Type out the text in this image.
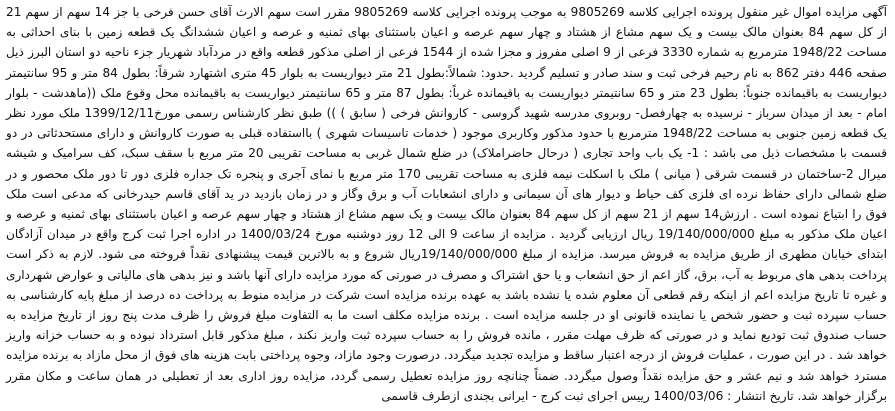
آگهی مزایده اموال غیر منقول پرونده اجرایی کلاسه 9805269 به موجب پرونده اجرایی کلاسه 9805269 مقرر است سهم الارث آقای حسن فرخی با جز 14 سهم از سهم 21 از کل سهم 84 بعنوان مالک بیست و یک سهم مشاع از هشتاد و چهار سهم عرصه و اعیان باستثنای بهای ثمنیه و عرصه و اعیان ششدانگ یک قطعه زمین با بنای احداثی به مساحت 1948/22 مترمربع به شماره 3330 فرعی از 9 اصلی مفروز و مجزا شده از 1544 فرعی از اصلی مذکور قطعه واقع در مردآباد شهریار جزء ناحیه دو استان البرز ذیل صفحه 446 دفتر 862 به نام رحیم فرخی ثبت و سند صادر و تسلیم گردید .حدود: شمالاً:بطول 21 متر دیواریست به بلوار 45 متری اشتهارد شرقاً: بطول 84 متر و 95 سانتیمتر دیواریست به باقیمانده جنوباً: بطول 23 متر و 65 سانتیمتر دیواریست به باقیمانده غرباً: بطول 87 متر و 65 سانتیمتر دیواریست به باقیمانده محل وقوع ملک ((ماهدشت - بلوار امام - بعد از میدان سرباز - نرسیده به چهارفصل- روبروی مدرسه شهید گروسی - کاروانش فرخی ( سابق ) )) طبق نظر کارشناس رسمی مورخ1399/12/11 ملک مورد نظر یک قطعه زمین جنوبی به مساحت 1948/22 مترمربع با حدود مذکور وکاربری موجود ( خدمات تاسیسات شهری ) بااستفاده قبلی به صورت کاروانش و دارای مستحدثاتی در دو قسمت با مشخصات ذیل می باشد : 1- یک باب واحد تجاری ( درحال حاضراملاک) در ضلع شمال غربی به مساحت تقریبی 20 متر مربع با سقف سبک، کف سرامیک و شیشه میرال 2-ساختمان در قسمت شرقی ( میانی ) ملک با اسکلت نیمه فلزی به مساحت تقریبی 170 متر مربع با نمای آجری و پنجره تک جداره فلزی دور تا دور ملک محصور و در ضلع شمالی دارای حفاظ نرده ای فلزی کف حیاط و دیوار های آن سیمانی و دارای انشعابات آب و برق وگاز و در زمان بازدید در ید آقای قاسم حیدرخانی که مدعی است ملک فوق را ابتیاع نموده است . ارزش14 سهم از 21 سهم از کل سهم 84 بعنوان مالک بیست و یک سهم مشاع از هشتاد و چهار سهم عرصه و اعیان باستثنای بهای ثمنیه و عرصه و اعیان ملک مذکور به مبلغ 19/140/000/000 ریال ارزیابی گردید . مزایده از ساعت 9 الی 12 روز دوشنبه مورخ 1400/03/24 در اداره اجرا ثبت کرج واقع در میدان آزادگان ابتدای خیابان مطهری از طریق مزایده به فروش میرسد. مزایده از مبلغ 19/140/000/000ریال شروع و به بالاترین قیمت پیشنهادی نقداً فروخته می شود. لازم به ذکر است پرداخت بدهی های مربوط به آب، برق، گاز اعم از حق انشعاب و یا حق اشتراک و مصرف در صورتی که مورد مزایده دارای آنها باشد و نیز بدهی های مالیاتی و عوارض شهرداری و غیره تا تاریخ مزایده اعم از اینکه رقم قطعی آن معلوم شده یا نشده باشد به عهده برنده مزایده است شرکت در مزایده منوط به پرداخت ده درصد از مبلغ پایه کارشناسی به حساب سپرده ثبت و حضور شخص یا نماینده قانونی او در جلسه مزایده است . برنده مزایده مکلف است ما به التفاوت مبلغ فروش را ظرف مدت پنج روز از تاریخ مزایده به حساب صندوق ثبت تودیع نماید و در صورتی که ظرف مهلت مقرر ، مانده فروش را به حساب سپرده ثبت واریز نکند ، مبلغ مذکور قابل استرداد نبوده و به حساب خزانه واریز خواهد شد . در این صورت ، عملیات فروش از درجه اعتبار ساقط و مزایده تجدید میگردد. درصورت وجود مازاد، وجوه پرداختی بابت هزینه های فوق از محل مازاد به برنده مزایده مسترد خواهد شد و نیم عشر و حق مزایده نقداً وصول میگردد. ضمناً چنانچه روز مزایده تعطیل رسمی گردد، مزایده روز اداری بعد از تعطیلی در همان ساعت و مکان مقرر برگزار خواهد شد. تاریخ انتشار : 1400/03/06 رییس اجرای ثبت کرج - ایرانی بجندی ازطرف قاسمی
